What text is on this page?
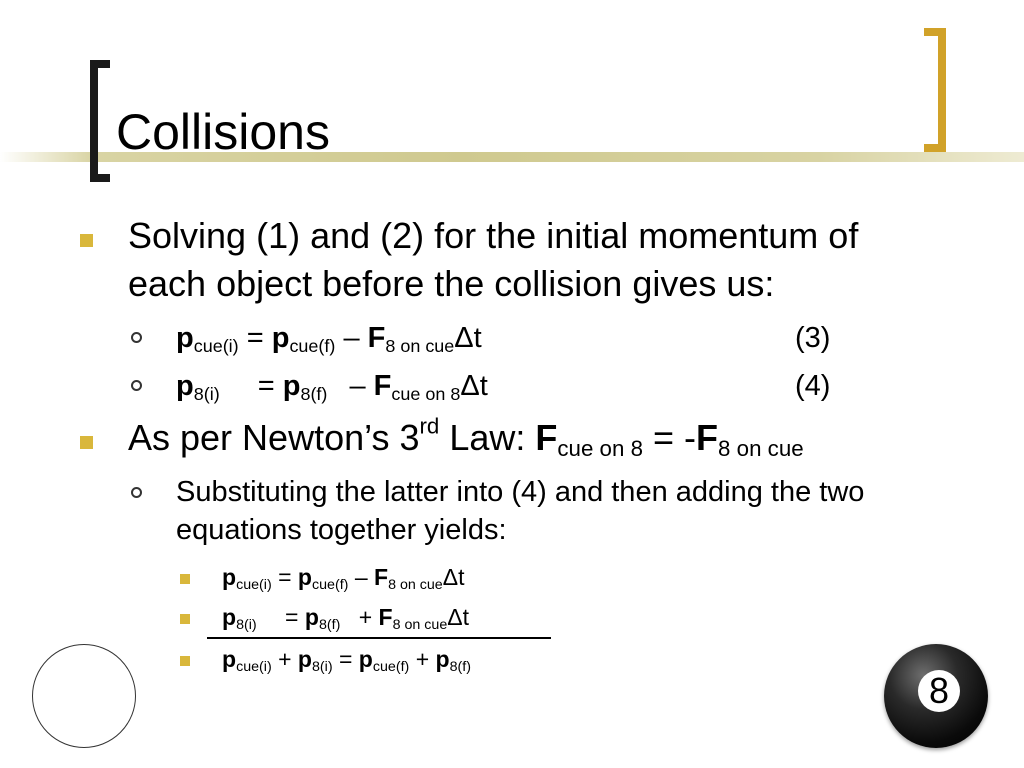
Collisions
Solving (1) and (2) for the initial momentum of
each object before the collision gives us:
$p_{cue(i)} = p_{cue(f)} - F_{8 on cue}\Delta t$	(3)
$p_{8(i)} = p_{8(f)} - F_{cue on 8}\Delta t$	(4)
As per Newton’s 3rd Law: $F_{cue on 8} = -F_{8 on cue}$
Substituting the latter into (4) and then adding the two
equations together yields:
$p_{cue(i)} = p_{cue(f)} - F_{8 on cue}\Delta t$
$p_{8(i)} = p_{8(f)} + F_{8 on cue}\Delta t$
$p_{cue(i)} + p_{8(i)} = p_{cue(f)} + p_{8(f)}$
8
